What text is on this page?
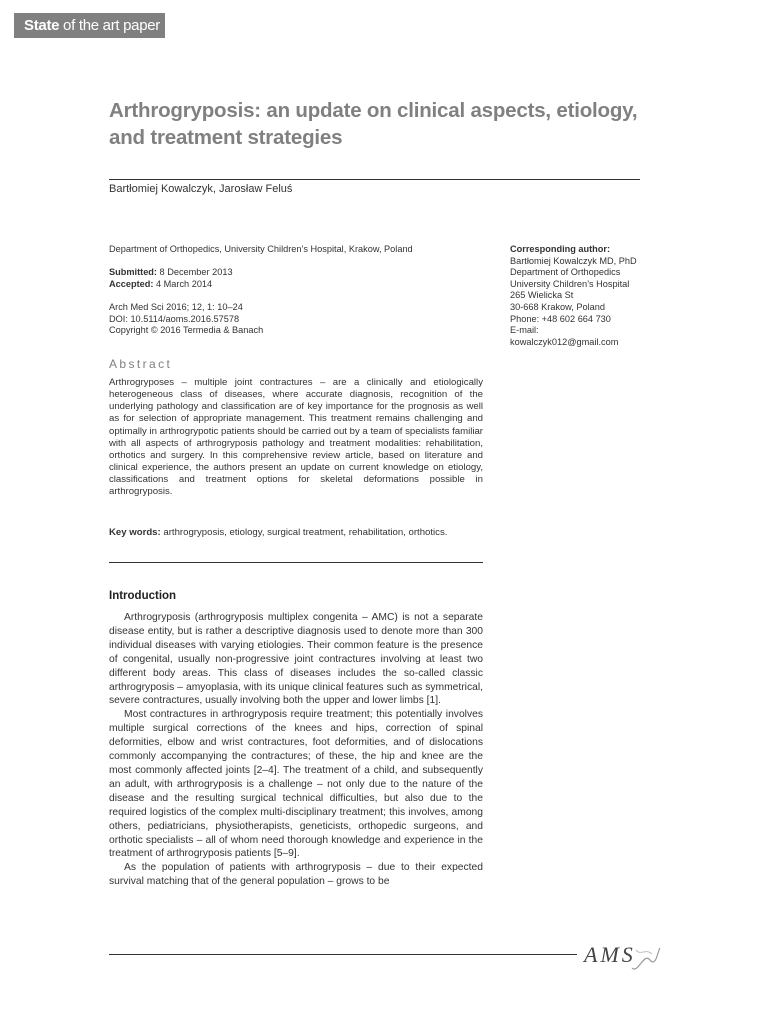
State of the art paper
Arthrogryposis: an update on clinical aspects, etiology, and treatment strategies
Bartłomiej Kowalczyk, Jarosław Feluś
Department of Orthopedics, University Children’s Hospital, Krakow, Poland
Submitted: 8 December 2013
Accepted: 4 March 2014
Arch Med Sci 2016; 12, 1: 10–24
DOI: 10.5114/aoms.2016.57578
Copyright © 2016 Termedia & Banach
Corresponding author:
Bartłomiej Kowalczyk MD, PhD
Department of Orthopedics
University Children’s Hospital
265 Wielicka St
30-668 Krakow, Poland
Phone: +48 602 664 730
E-mail:
kowalczyk012@gmail.com
Abstract
Arthrogryposes – multiple joint contractures – are a clinically and etiologically heterogeneous class of diseases, where accurate diagnosis, recognition of the underlying pathology and classification are of key importance for the prognosis as well as for selection of appropriate management. This treatment remains challenging and optimally in arthrogrypotic patients should be carried out by a team of specialists familiar with all aspects of arthrogryposis pathology and treatment modalities: rehabilitation, orthotics and surgery. In this comprehensive review article, based on literature and clinical experience, the authors present an update on current knowledge on etiology, classifications and treatment options for skeletal deformations possible in arthrogryposis.
Key words: arthrogryposis, etiology, surgical treatment, rehabilitation, orthotics.
Introduction

Arthrogryposis (arthrogryposis multiplex congenita – AMC) is not a separate disease entity, but is rather a descriptive diagnosis used to denote more than 300 individual diseases with varying etiologies. Their common feature is the presence of congenital, usually non-progressive joint contractures involving at least two different body areas. This class of diseases includes the so-called classic arthrogryposis – amyoplasia, with its unique clinical features such as symmetrical, severe contractures, usually involving both the upper and lower limbs [1].

Most contractures in arthrogryposis require treatment; this potentially involves multiple surgical corrections of the knees and hips, correction of spinal deformities, elbow and wrist contractures, foot deformities, and of dislocations commonly accompanying the contractures; of these, the hip and knee are the most commonly affected joints [2–4]. The treatment of a child, and subsequently an adult, with arthrogryposis is a challenge – not only due to the nature of the disease and the resulting surgical technical difficulties, but also due to the required logistics of the complex multi-disciplinary treatment; this involves, among others, pediatricians, physiotherapists, geneticists, orthopedic surgeons, and orthotic specialists – all of whom need thorough knowledge and experience in the treatment of arthrogryposis patients [5–9].

As the population of patients with arthrogryposis – due to their expected survival matching that of the general population – grows to be

AMS
